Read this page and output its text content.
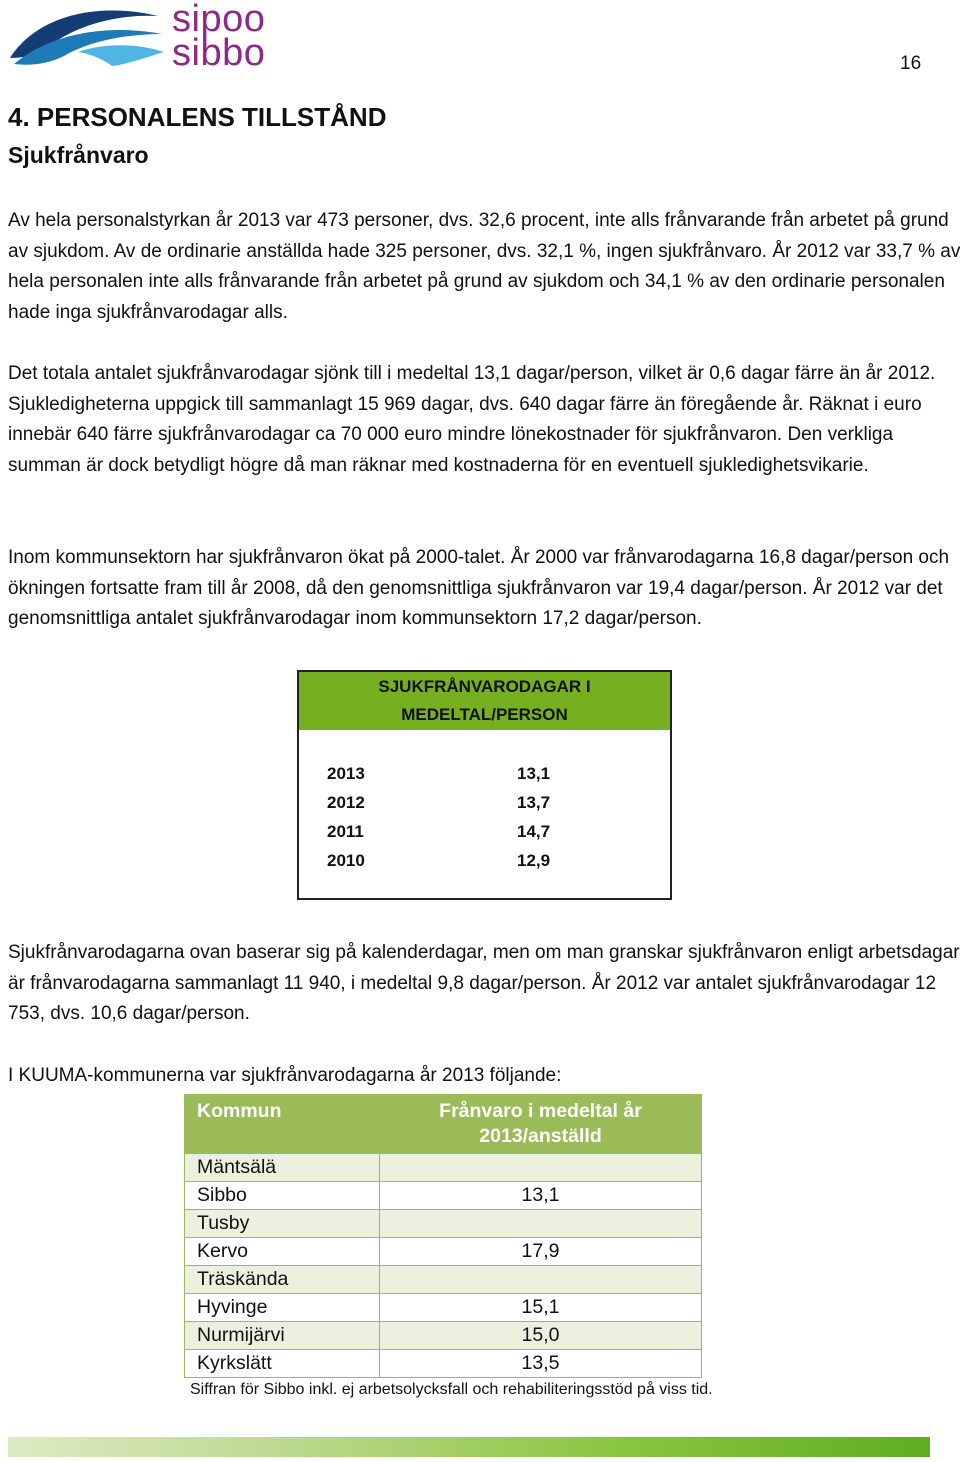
sipoo
sibbo	16
4. PERSONALENS TILLSTÅND
Sjukfrånvaro

Av hela personalstyrkan år 2013 var 473 personer, dvs. 32,6 procent, inte alls frånvarande från arbetet på grund av sjukdom. Av de ordinarie anställda hade 325 personer, dvs. 32,1 %, ingen sjukfrånvaro. År 2012 var 33,7 % av hela personalen inte alls frånvarande från arbetet på grund av sjukdom och 34,1 % av den ordinarie personalen hade inga sjukfrånvarodagar alls.

Det totala antalet sjukfrånvarodagar sjönk till i medeltal 13,1 dagar/person, vilket är 0,6 dagar färre än år 2012. Sjukledigheterna uppgick till sammanlagt 15 969 dagar, dvs. 640 dagar färre än föregående år. Räknat i euro innebär 640 färre sjukfrånvarodagar ca 70 000 euro mindre lönekostnader för sjukfrånvaron. Den verkliga summan är dock betydligt högre då man räknar med kostnaderna för en eventuell sjukledighetsvikarie.

Inom kommunsektorn har sjukfrånvaron ökat på 2000-talet. År 2000 var frånvarodagarna 16,8 dagar/person och ökningen fortsatte fram till år 2008, då den genomsnittliga sjukfrånvaron var 19,4 dagar/person. År 2012 var det genomsnittliga antalet sjukfrånvarodagar inom kommunsektorn 17,2 dagar/person.

SJUKFRÅNVARODAGAR I
MEDELTAL/PERSON
2013	13,1
2012	13,7
2011	14,7
2010	12,9

Sjukfrånvarodagarna ovan baserar sig på kalenderdagar, men om man granskar sjukfrånvaron enligt arbetsdagar är frånvarodagarna sammanlagt 11 940, i medeltal 9,8 dagar/person. År 2012 var antalet sjukfrånvarodagar 12 753, dvs. 10,6 dagar/person.

I KUUMA-kommunerna var sjukfrånvarodagarna år 2013 följande:

Kommun	Frånvaro i medeltal år 2013/anställd
Mäntsälä	
Sibbo	13,1
Tusby	
Kervo	17,9
Träskända	
Hyvinge	15,1
Nurmijärvi	15,0
Kyrkslätt	13,5
Siffran för Sibbo inkl. ej arbetsolycksfall och rehabiliteringsstöd på viss tid.
